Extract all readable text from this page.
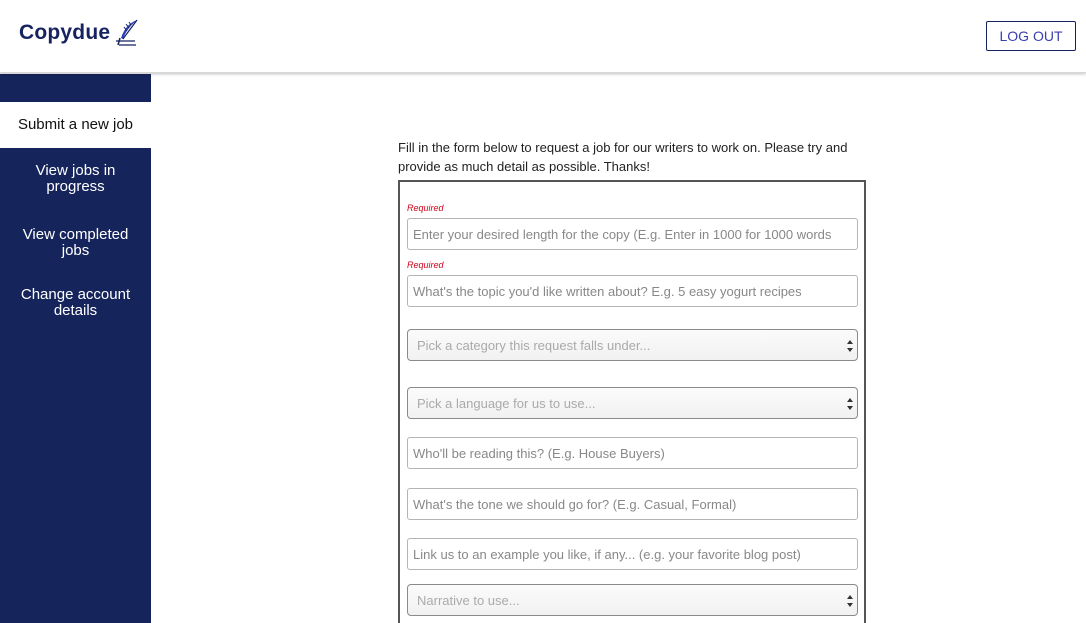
Copydue	LOG OUT
Submit a new job
View jobs in progress
View completed jobs
Change account details

Fill in the form below to request a job for our writers to work on. Please try and provide as much detail as possible. Thanks!

Required
Enter your desired length for the copy (E.g. Enter in 1000 for 1000 words
Required
What's the topic you'd like written about? E.g. 5 easy yogurt recipes
Pick a category this request falls under...
Pick a language for us to use...
Who'll be reading this? (E.g. House Buyers)
What's the tone we should go for? (E.g. Casual, Formal)
Link us to an example you like, if any... (e.g. your favorite blog post)
Narrative to use...
